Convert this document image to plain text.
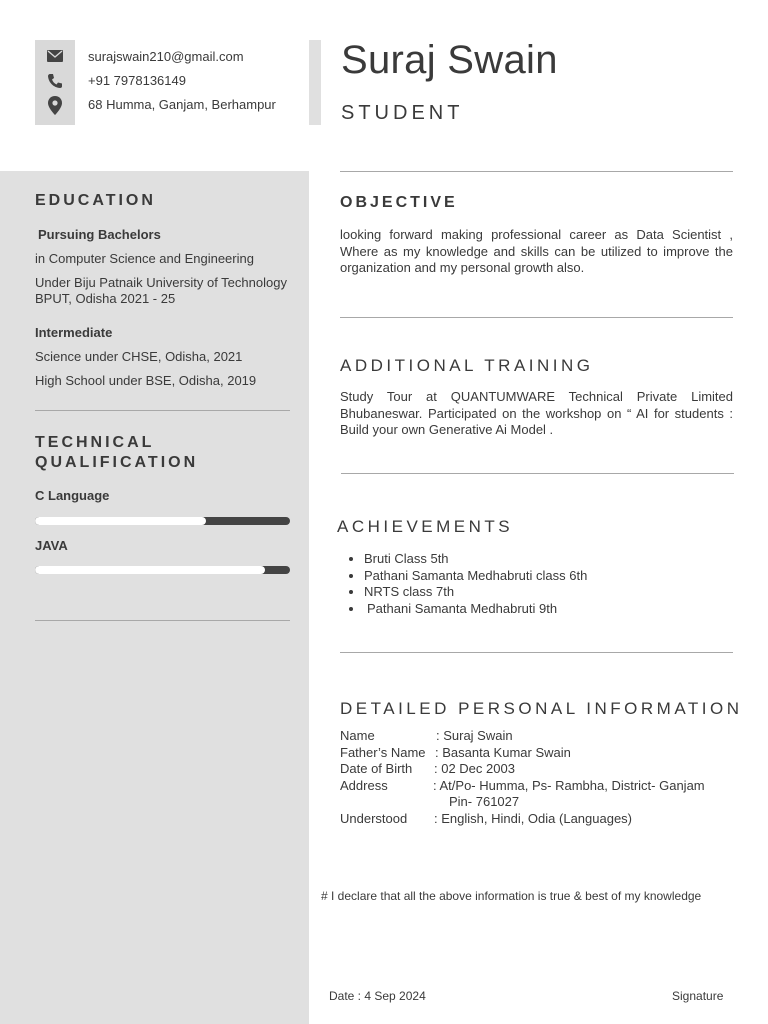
surajswain210@gmail.com
+91 7978136149
68 Humma, Ganjam, Berhampur
Suraj Swain
STUDENT
EDUCATION
Pursuing Bachelors
in Computer Science and Engineering
Under Biju Patnaik University of Technology BPUT, Odisha 2021 - 25
Intermediate
Science under CHSE, Odisha, 2021
High School under BSE, Odisha, 2019
TECHNICAL QUALIFICATION
C Language
JAVA
OBJECTIVE
looking forward making professional career as Data Scientist , Where as my knowledge and skills can be utilized to improve the organization and my personal growth also.
ADDITIONAL TRAINING
Study Tour at QUANTUMWARE Technical Private Limited Bhubaneswar. Participated on the workshop on “ AI for students : Build your own Generative Ai Model .
ACHIEVEMENTS
• Bruti Class 5th
• Pathani Samanta Medhabruti class 6th
• NRTS class 7th
• Pathani Samanta Medhabruti 9th
DETAILED PERSONAL INFORMATION
Name	: Suraj Swain
Father’s Name : Basanta Kumar Swain
Date of Birth : 02 Dec 2003
Address	: At/Po- Humma, Ps- Rambha, District- Ganjam
Pin- 761027
Understood : English, Hindi, Odia (Languages)
# I declare that all the above information is true & best of my knowledge
Date : 4 Sep 2024	Signature
